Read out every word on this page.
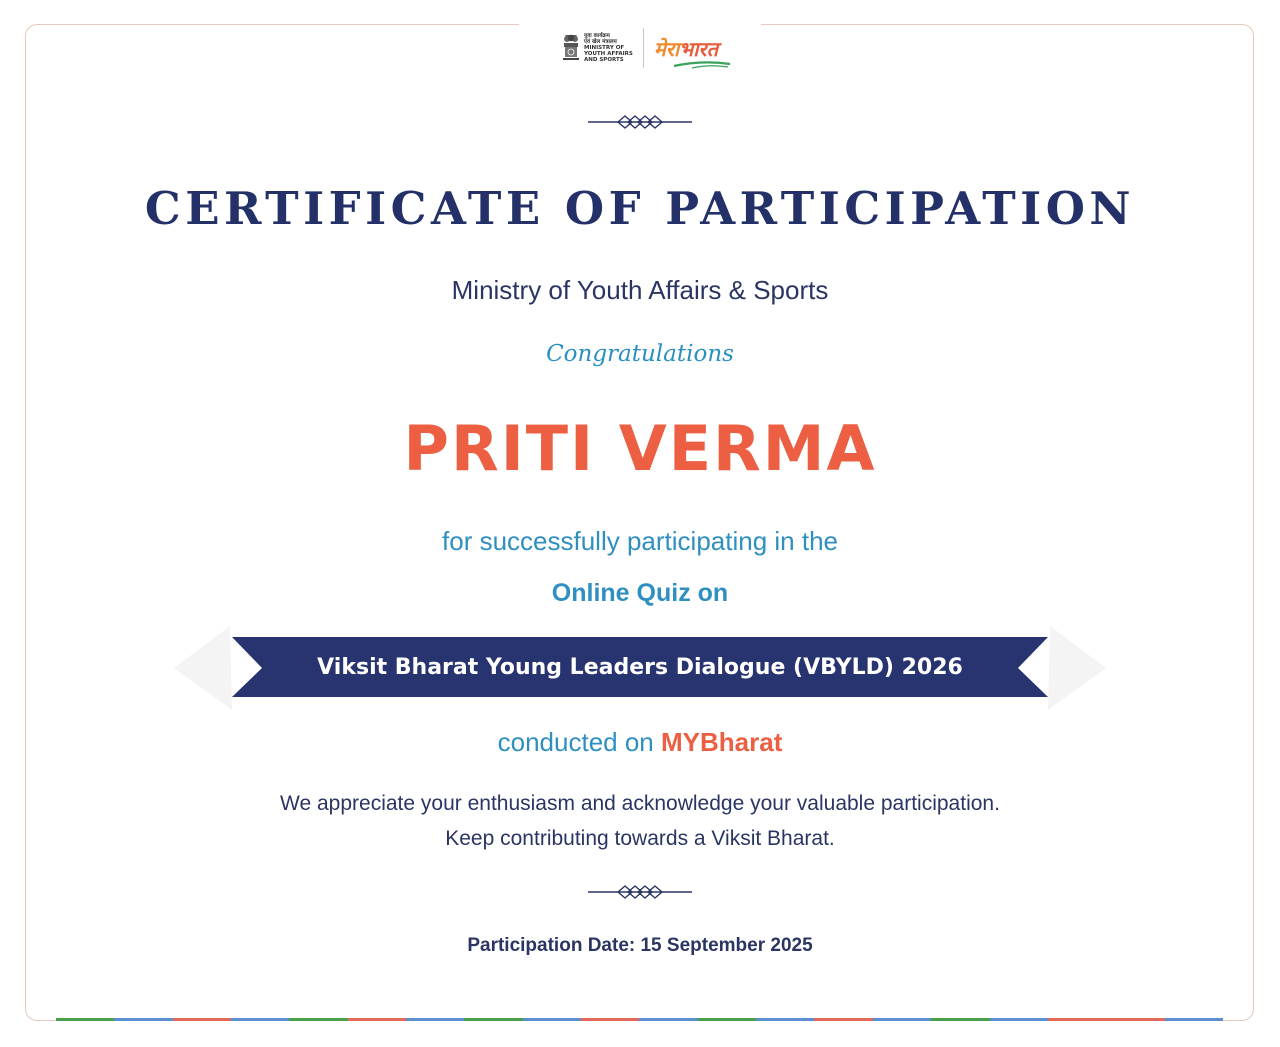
युवा कार्यक्रम
एवं खेल मंत्रालय
MINISTRY OF
YOUTH AFFAIRS
AND SPORTS	मेरा भारत
CERTIFICATE OF PARTICIPATION

Ministry of Youth Affairs & Sports

Congratulations

PRITI VERMA

for successfully participating in the

Online Quiz on

Viksit Bharat Young Leaders Dialogue (VBYLD) 2026

conducted on MYBharat

We appreciate your enthusiasm and acknowledge your valuable participation.

Keep contributing towards a Viksit Bharat.

Participation Date: 15 September 2025
